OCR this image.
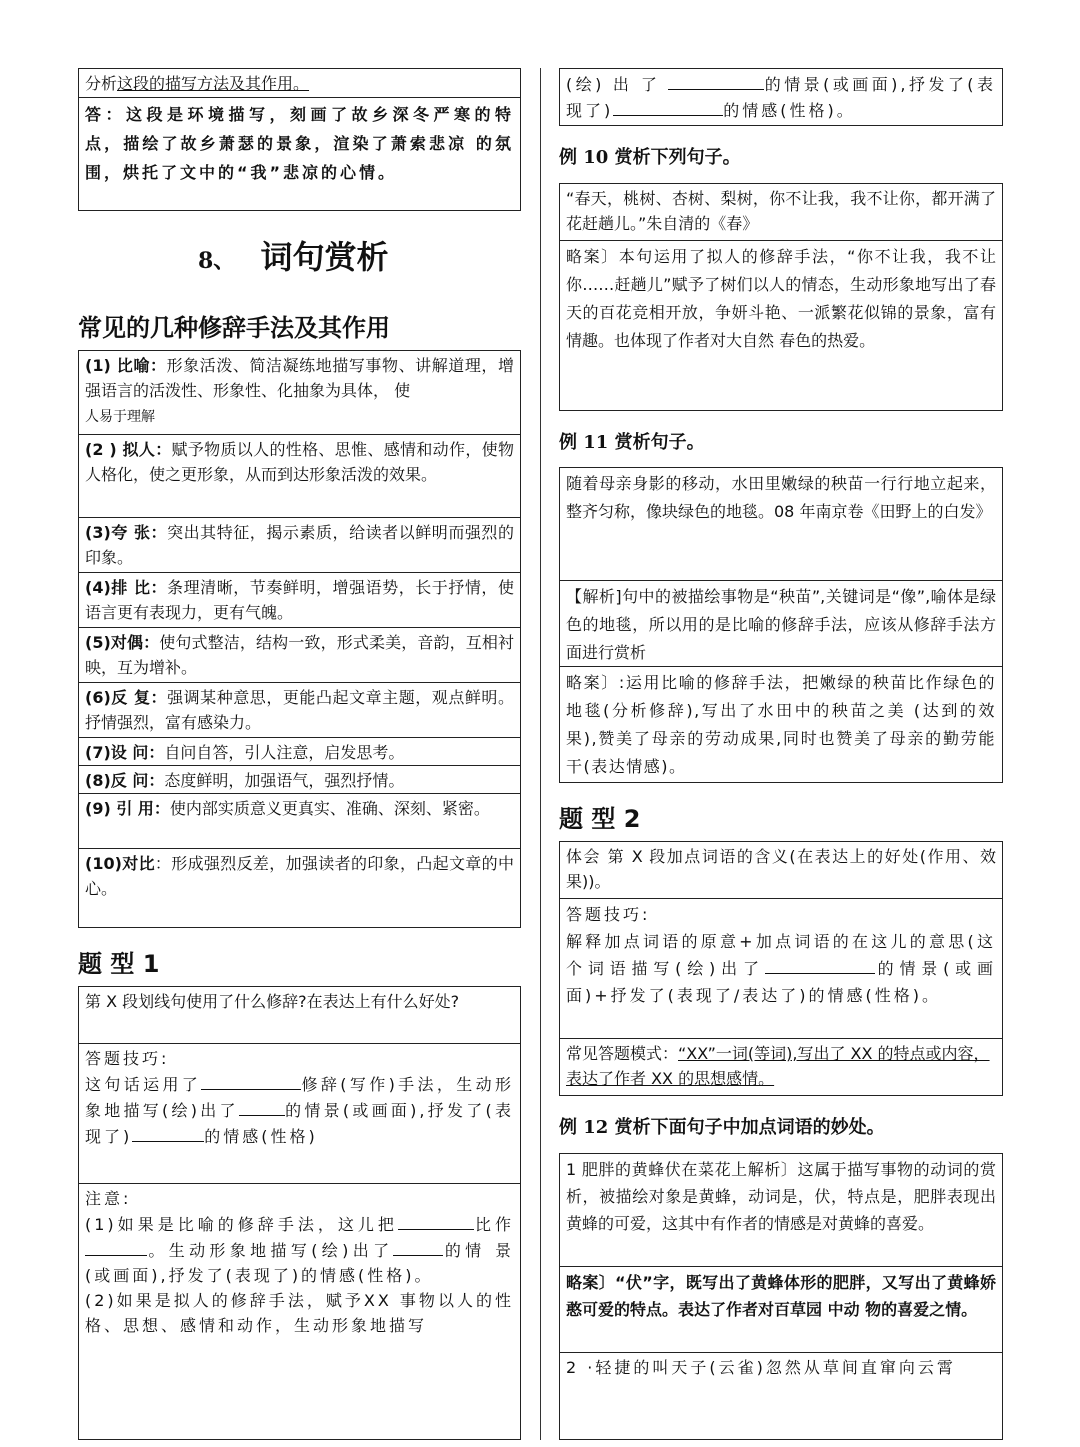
分析这段的描写方法及其作用。
答：这段是环境描写，刻画了故乡深冬严寒的特点，描绘了故乡萧瑟的景象，渲染了萧索悲凉 的氛围，烘托了文中的“我”悲凉的心情。
8、 词句赏析
常见的几种修辞手法及其作用
(1) 比喻：形象活泼、简洁凝练地描写事物、讲解道理，增强语言的活泼性、形象性、化抽象为具体， 使
人易于理解
(2 ) 拟人：赋予物质以人的性格、思惟、感情和动作，使物人格化，使之更形象，从而到达形象活泼的效果。
(3)夸 张：突出其特征，揭示素质，给读者以鲜明而强烈的印象。
(4)排 比：条理清晰，节奏鲜明，增强语势，长于抒情，使语言更有表现力，更有气魄。
(5)对偶：使句式整洁，结构一致，形式柔美，音韵，互相衬映，互为增补。
(6)反 复：强调某种意思，更能凸起文章主题，观点鲜明。抒情强烈，富有感染力。
(7)设 问：自问自答，引人注意，启发思考。
(8)反 问：态度鲜明，加强语气，强烈抒情。
(9) 引 用：使内部实质意义更真实、准确、深刻、紧密。
(10)对比：形成强烈反差，加强读者的印象，凸起文章的中心。
题 型 1
第 X 段划线句使用了什么修辞?在表达上有什么好处?
答题技巧:
这句话运用了	修辞(写作)手法，生动形象地描写(绘)出了	的情景(或画面),抒发了(表现了)	的情感(性格)
注意:
(1)如果是比喻的修辞手法，这儿把	比作。生动形象地描写(绘)出了	的情 景(或画面),抒发了(表现了)的情感(性格)。
(2)如果是拟人的修辞手法，赋予XX 事物以人的性格、思想、感情和动作，生动形象地描写
(绘) 出 了	的情景(或画面),抒发了(表现了)	的情感(性格)。
例 10 赏析下列句子。
“春天，桃树、杏树、梨树，你不让我，我不让你，都开满了花赶趟儿。”朱自清的《春》
略案〕本句运用了拟人的修辞手法，“你不让我，我不让你……赶趟儿”赋予了树们以人的情态，生动形象地写出了春天的百花竞相开放，争妍斗艳、一派繁花似锦的景象，富有情趣。也体现了作者对大自然 春色的热爱。
例 11 赏析句子。
随着母亲身影的移动，水田里嫩绿的秧苗一行行地立起来，整齐匀称，像块绿色的地毯。08 年南京卷《田野上的白发》
【解析]句中的被描绘事物是“秧苗”,关键词是“像”,喻体是绿色的地毯，所以用的是比喻的修辞手法，应该从修辞手法方面进行赏析
略案〕:运用比喻的修辞手法，把嫩绿的秧苗比作绿色的地毯(分析修辞),写出了水田中的秧苗之美 (达到的效果),赞美了母亲的劳动成果,同时也赞美了母亲的勤劳能干(表达情感)。
题 型 2
体会 第 X 段加点词语的含义(在表达上的好处(作用、效果))。
答题技巧:
解释加点词语的原意+加点词语的在这儿的意思(这个词语描写(绘)出了	的情景(或画 面)+抒发了(表现了/表达了)的情感(性格)。
常见答题模式：“XX”一词(等词),写出了 XX 的特点或内容，表达了作者 XX 的思想感情。
例 12 赏析下面句子中加点词语的妙处。
1 肥胖的黄蜂伏在菜花上解析〕这属于描写事物的动词的赏析，被描绘对象是黄蜂，动词是，伏，特点是，肥胖表现出黄蜂的可爱，这其中有作者的情感是对黄蜂的喜爱。
略案〕“伏”字，既写出了黄蜂体形的肥胖，又写出了黄蜂娇憨可爱的特点。表达了作者对百草园 中动 物的喜爱之情。
2 ·轻捷的叫天子(云雀)忽然从草间直窜向云霄
